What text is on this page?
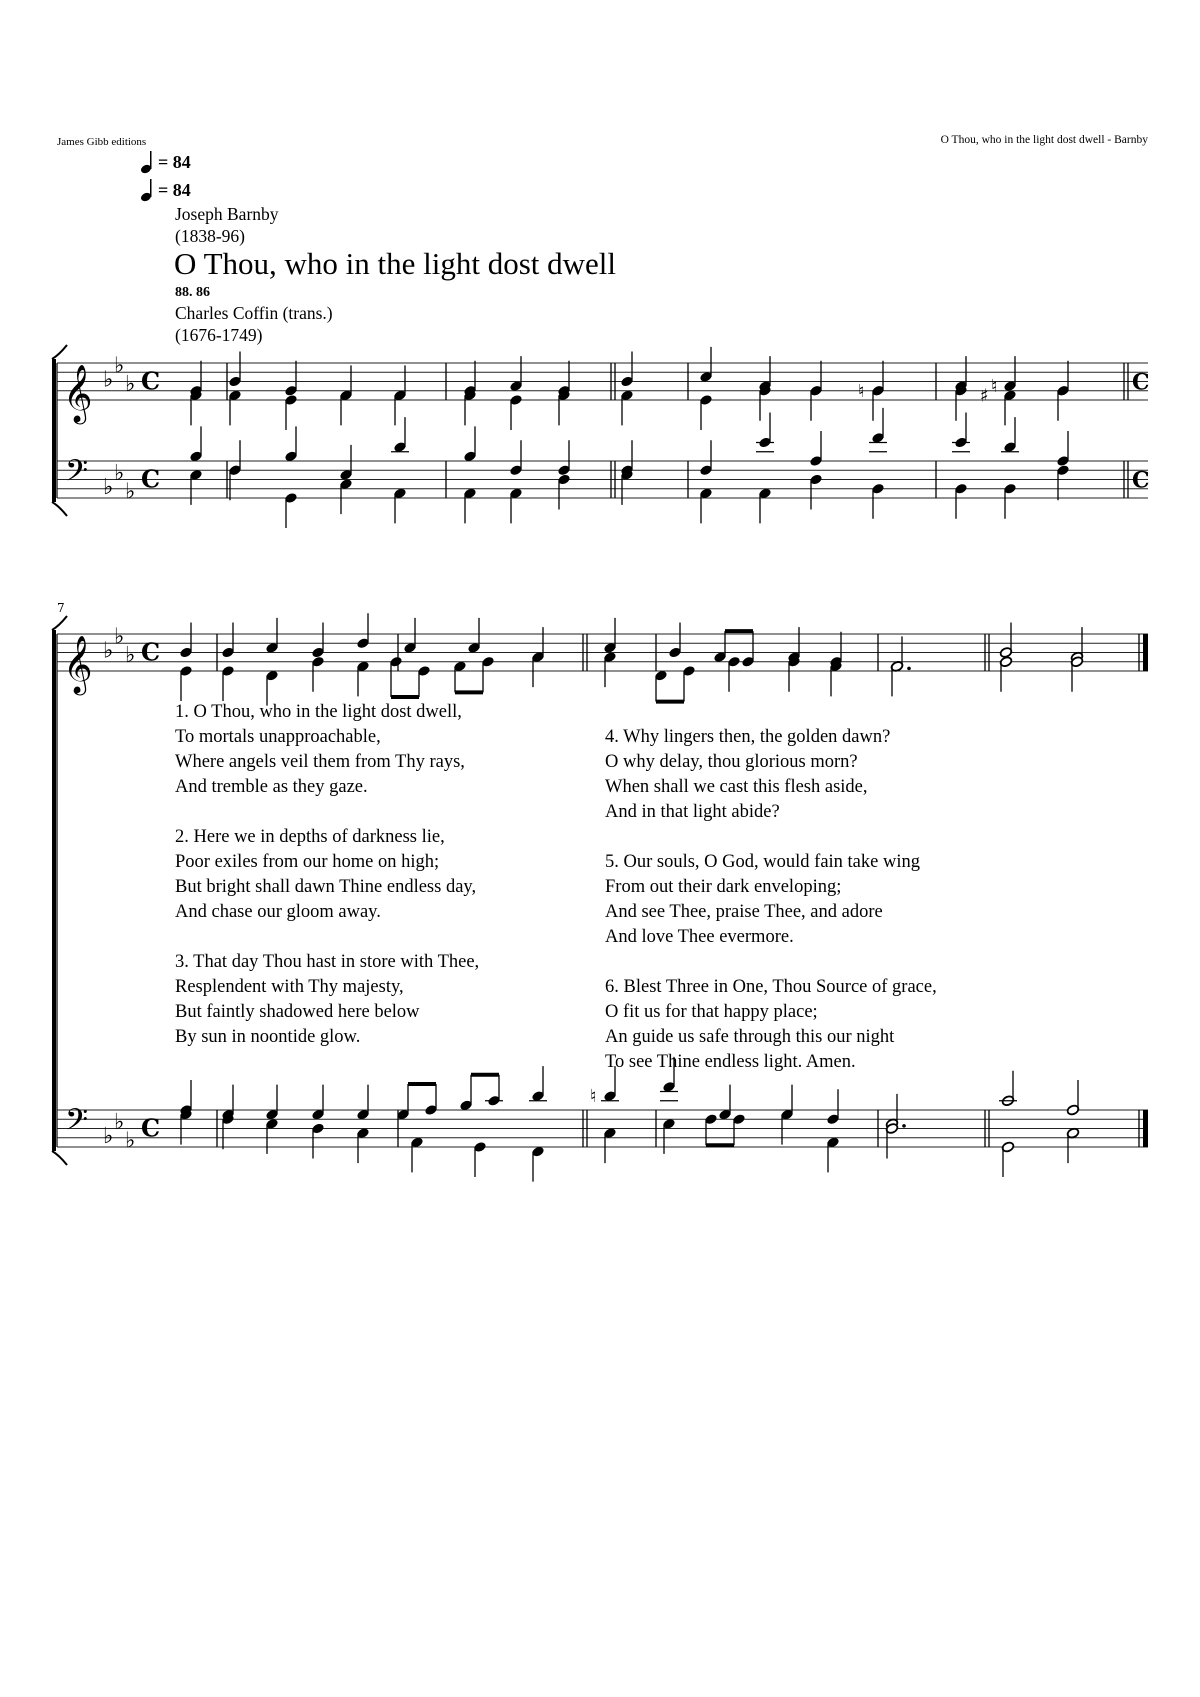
James Gibb editions	O Thou, who in the light dost dwell - Barnby
= 84
= 84
Joseph Barnby
(1838-96)
O Thou, who in the light dost dwell
88. 86
Charles Coffin (trans.)
(1676-1749)
𝄞 ♭
♭
♭ C	C
♮	♯ ♮
𝄢 ♭
♭
♭ C	C
7
𝄞 ♭
♭
♭ C
𝄢 ♭
♭
♭ C
♮
1. O Thou, who in the light dost dwell,
To mortals unapproachable,
Where angels veil them from Thy rays,
And tremble as they gaze.
2. Here we in depths of darkness lie,
Poor exiles from our home on high;
But bright shall dawn Thine endless day,
And chase our gloom away.
3. That day Thou hast in store with Thee,
Resplendent with Thy majesty,
But faintly shadowed here below
By sun in noontide glow.
4. Why lingers then, the golden dawn?
O why delay, thou glorious morn?
When shall we cast this flesh aside,
And in that light abide?
5. Our souls, O God, would fain take wing
From out their dark enveloping;
And see Thee, praise Thee, and adore
And love Thee evermore.
6. Blest Three in One, Thou Source of grace,
O fit us for that happy place;
An guide us safe through this our night
To see Thine endless light. Amen.
